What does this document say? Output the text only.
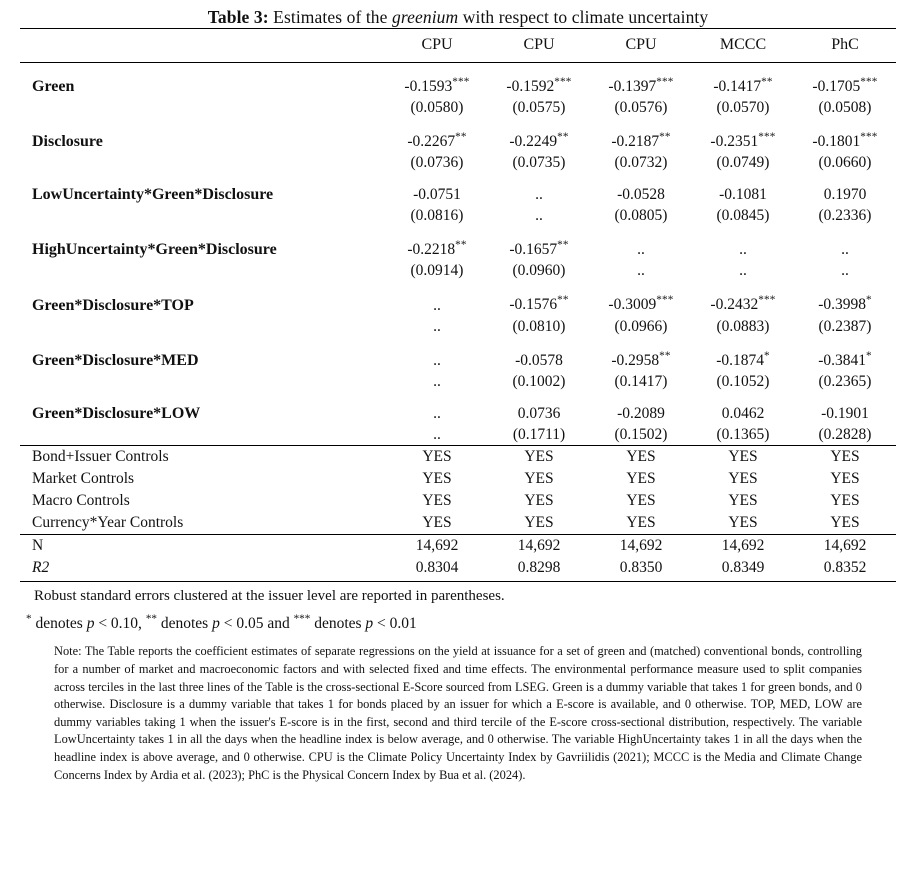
Table 3: Estimates of the greenium with respect to climate uncertainty
	CPU	CPU	CPU	MCCC	PhC
Green	-0.1593***	-0.1592***	-0.1397***	-0.1417**	-0.1705***
	(0.0580)	(0.0575)	(0.0576)	(0.0570)	(0.0508)
Disclosure	-0.2267**	-0.2249**	-0.2187**	-0.2351***	-0.1801***
	(0.0736)	(0.0735)	(0.0732)	(0.0749)	(0.0660)
LowUncertainty*Green*Disclosure	-0.0751	..	-0.0528	-0.1081	0.1970
	(0.0816)	..	(0.0805)	(0.0845)	(0.2336)
HighUncertainty*Green*Disclosure	-0.2218**	-0.1657**	..	..	..
	(0.0914)	(0.0960)	..	..	..
Green*Disclosure*TOP	..	-0.1576**	-0.3009***	-0.2432***	-0.3998*
	..	(0.0810)	(0.0966)	(0.0883)	(0.2387)
Green*Disclosure*MED	..	-0.0578	-0.2958**	-0.1874*	-0.3841*
	..	(0.1002)	(0.1417)	(0.1052)	(0.2365)
Green*Disclosure*LOW	..	0.0736	-0.2089	0.0462	-0.1901
	..	(0.1711)	(0.1502)	(0.1365)	(0.2828)
Bond+Issuer Controls	YES	YES	YES	YES	YES
Market Controls	YES	YES	YES	YES	YES
Macro Controls	YES	YES	YES	YES	YES
Currency*Year Controls	YES	YES	YES	YES	YES
N	14,692	14,692	14,692	14,692	14,692
R2	0.8304	0.8298	0.8350	0.8349	0.8352
Robust standard errors clustered at the issuer level are reported in parentheses.
* denotes p < 0.10, ** denotes p < 0.05 and *** denotes p < 0.01
Note: The Table reports the coefficient estimates of separate regressions on the yield at issuance for a set of green and (matched) conventional bonds, controlling for a number of market and macroeconomic factors and with selected fixed and time effects. The environmental performance measure used to split companies across terciles in the last three lines of the Table is the cross-sectional E-Score sourced from LSEG. Green is a dummy variable that takes 1 for green bonds, and 0 otherwise. Disclosure is a dummy variable that takes 1 for bonds placed by an issuer for which a E-score is available, and 0 otherwise. TOP, MED, LOW are dummy variables taking 1 when the issuer's E-score is in the first, second and third tercile of the E-score cross-sectional distribution, respectively. The variable LowUncertainty takes 1 in all the days when the headline index is below average, and 0 otherwise. The variable HighUncertainty takes 1 in all the days when the headline index is above average, and 0 otherwise. CPU is the Climate Policy Uncertainty Index by Gavriilidis (2021); MCCC is the Media and Climate Change Concerns Index by Ardia et al. (2023); PhC is the Physical Concern Index by Bua et al. (2024).
